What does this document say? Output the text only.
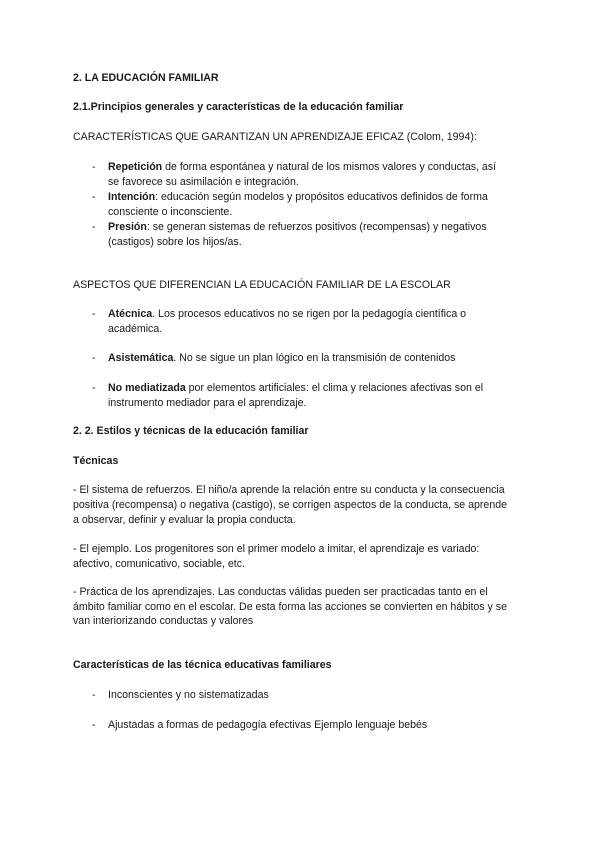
2. LA EDUCACIÓN FAMILIAR
2.1.Principios generales y características de la educación familiar
CARACTERÍSTICAS QUE GARANTIZAN UN APRENDIZAJE EFICAZ (Colom, 1994):
- Repetición de forma espontánea y natural de los mismos valores y conductas, así
se favorece su asimilación e integración.
- Intención: educación según modelos y propósitos educativos definidos de forma
consciente o inconsciente.
- Presión: se generan sistemas de refuerzos positivos (recompensas) y negativos
(castigos) sobre los hijos/as.
ASPECTOS QUE DIFERENCIAN LA EDUCACIÓN FAMILIAR DE LA ESCOLAR
- Atécnica. Los procesos educativos no se rigen por la pedagogía científica o
académica.
- Asistemática. No se sigue un plan lógico en la transmisión de contenidos
- No mediatizada por elementos artificiales: el clima y relaciones afectivas son el
instrumento mediador para el aprendizaje.
2. 2. Estilos y técnicas de la educación familiar
Técnicas
- El sistema de refuerzos. El niño/a aprende la relación entre su conducta y la consecuencia
positiva (recompensa) o negativa (castigo), se corrigen aspectos de la conducta, se aprende
a observar, definir y evaluar la propia conducta.
- El ejemplo. Los progenitores son el primer modelo a imitar, el aprendizaje es variado:
afectivo, comunicativo, sociable, etc.
- Práctica de los aprendizajes. Las conductas válidas pueden ser practicadas tanto en el
ámbito familiar como en el escolar. De esta forma las acciones se convierten en hábitos y se
van interiorizando conductas y valores
Características de las técnica educativas familiares
- Inconscientes y no sistematizadas
- Ajustadas a formas de pedagogía efectivas Ejemplo lenguaje bebés
